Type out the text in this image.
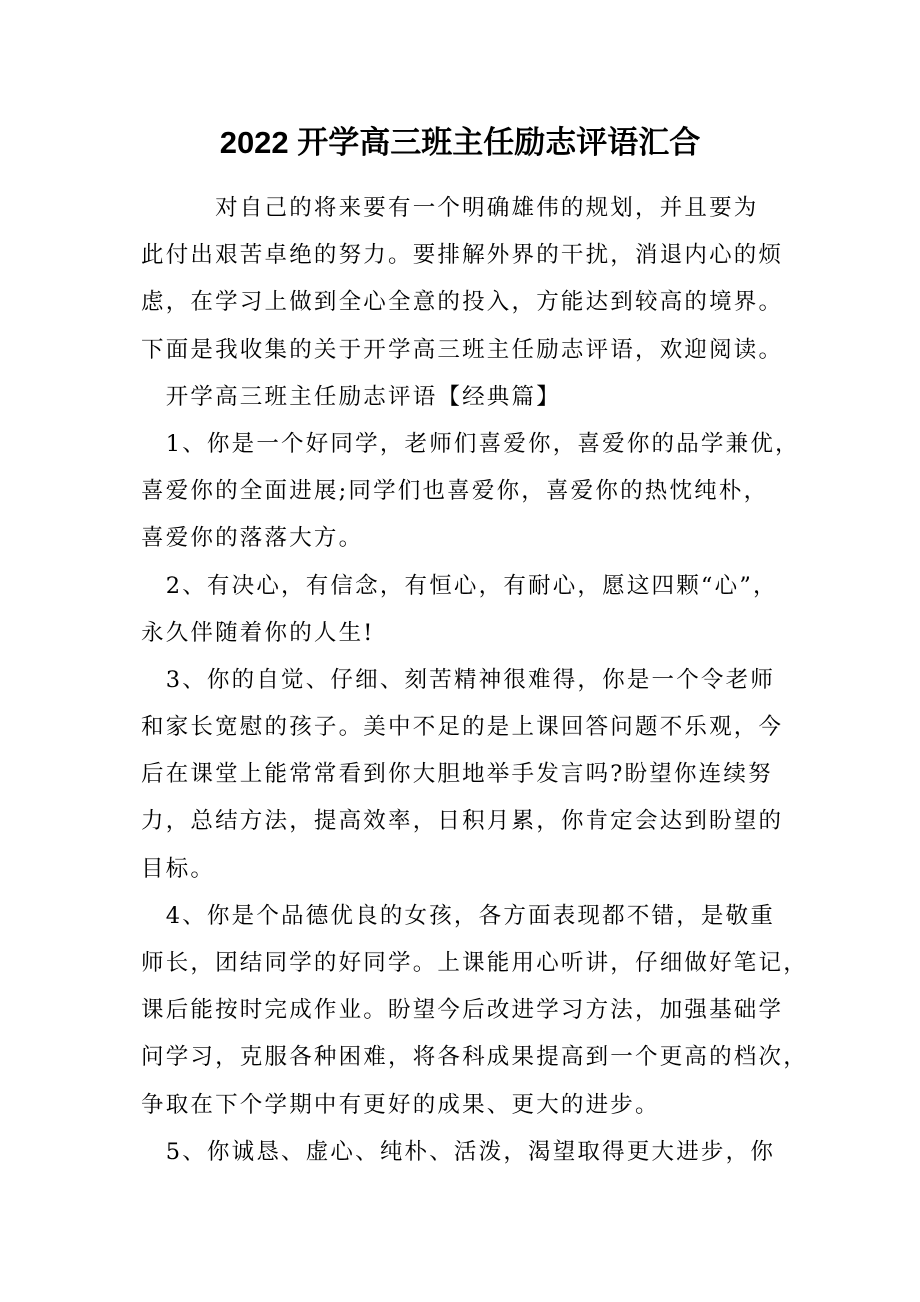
2022 开学高三班主任励志评语汇合
　　　对自己的将来要有一个明确雄伟的规划，并且要为
此付出艰苦卓绝的努力。要排解外界的干扰，消退内心的烦
虑，在学习上做到全心全意的投入，方能达到较高的境界。
下面是我收集的关于开学高三班主任励志评语，欢迎阅读。
　开学高三班主任励志评语【经典篇】
　1、你是一个好同学，老师们喜爱你，喜爱你的品学兼优，
喜爱你的全面进展;同学们也喜爱你，喜爱你的热忱纯朴，
喜爱你的落落大方。
　2、有决心，有信念，有恒心，有耐心，愿这四颗“心”，
永久伴随着你的人生!
　3、你的自觉、仔细、刻苦精神很难得，你是一个令老师
和家长宽慰的孩子。美中不足的是上课回答问题不乐观，今
后在课堂上能常常看到你大胆地举手发言吗?盼望你连续努
力，总结方法，提高效率，日积月累，你肯定会达到盼望的
目标。
　4、你是个品德优良的女孩，各方面表现都不错，是敬重
师长，团结同学的好同学。上课能用心听讲，仔细做好笔记，
课后能按时完成作业。盼望今后改进学习方法，加强基础学
问学习，克服各种困难，将各科成果提高到一个更高的档次，
争取在下个学期中有更好的成果、更大的进步。
　5、你诚恳、虚心、纯朴、活泼，渴望取得更大进步，你
